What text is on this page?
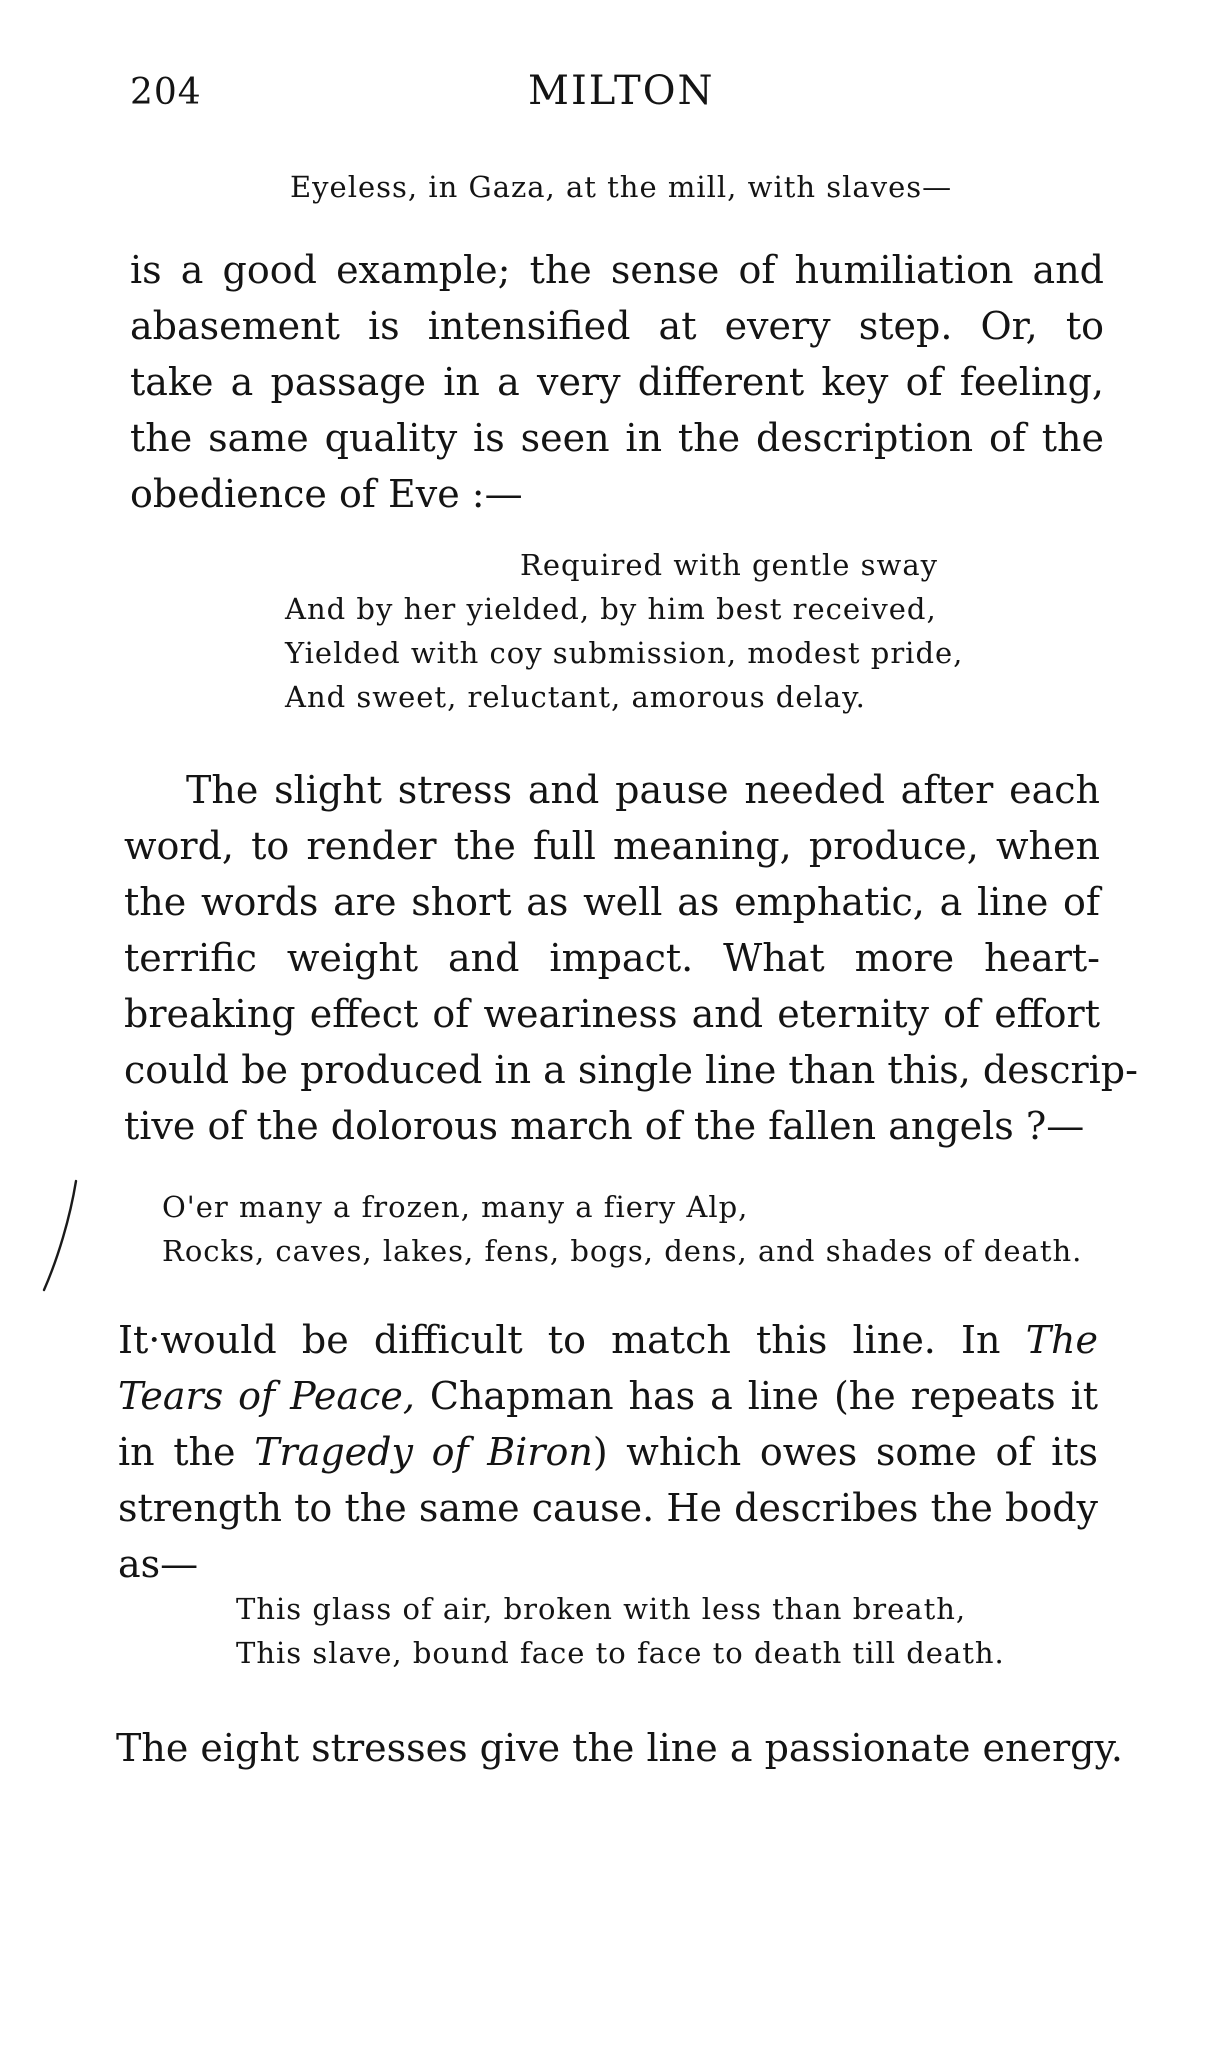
204	MILTON
Eyeless, in Gaza, at the mill, with slaves—
is a good example; the sense of humiliation and
abasement is intensified at every step. Or, to
take a passage in a very different key of feeling,
the same quality is seen in the description of the
obedience of Eve :—
Required with gentle sway
And by her yielded, by him best received,
Yielded with coy submission, modest pride,
And sweet, reluctant, amorous delay.
The slight stress and pause needed after each
word, to render the full meaning, produce, when
the words are short as well as emphatic, a line of
terrific weight and impact. What more heart-
breaking effect of weariness and eternity of effort
could be produced in a single line than this, descrip-
tive of the dolorous march of the fallen angels ?—
O'er many a frozen, many a fiery Alp,
Rocks, caves, lakes, fens, bogs, dens, and shades of death.
It·would be difficult to match this line. In The
Tears of Peace, Chapman has a line (he repeats it
in the Tragedy of Biron) which owes some of its
strength to the same cause. He describes the body
as—
This glass of air, broken with less than breath,
This slave, bound face to face to death till death.
The eight stresses give the line a passionate energy.
